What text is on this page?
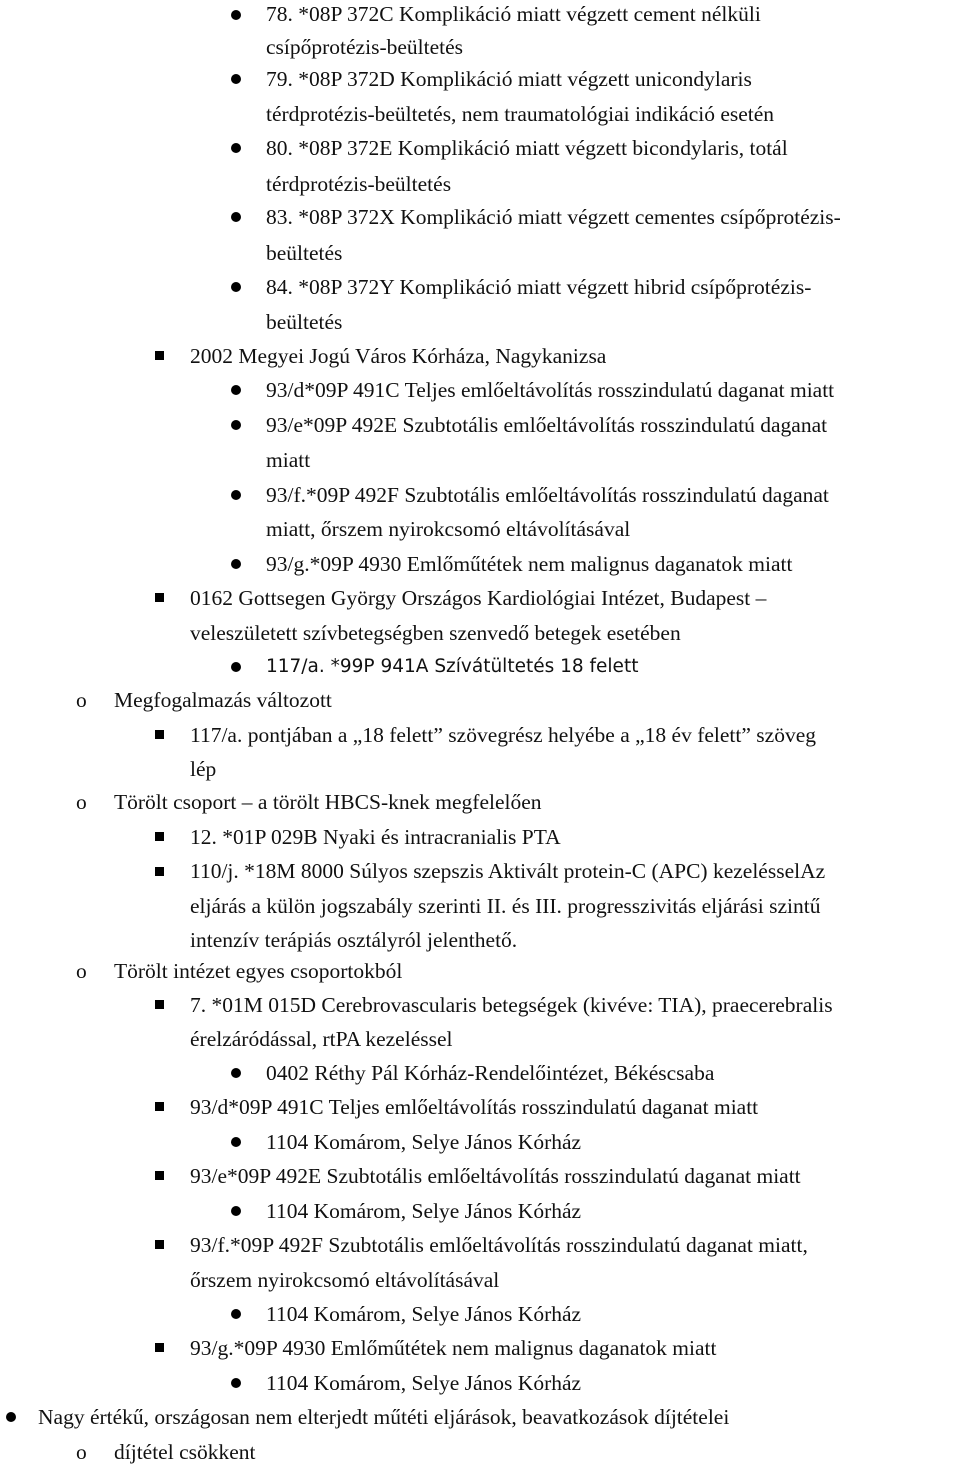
o
o
o
o
78. *08P 372C Komplikáció miatt végzett cement nélküli
csípőprotézis-beültetés
79. *08P 372D Komplikáció miatt végzett unicondylaris
térdprotézis-beültetés, nem traumatológiai indikáció esetén
80. *08P 372E Komplikáció miatt végzett bicondylaris, totál
térdprotézis-beültetés
83. *08P 372X Komplikáció miatt végzett cementes csípőprotézis-
beültetés
84. *08P 372Y Komplikáció miatt végzett hibrid csípőprotézis-
beültetés
2002 Megyei Jogú Város Kórháza, Nagykanizsa
93/d*09P 491C Teljes emlőeltávolítás rosszindulatú daganat miatt
93/e*09P 492E Szubtotális emlőeltávolítás rosszindulatú daganat
miatt
93/f.*09P 492F Szubtotális emlőeltávolítás rosszindulatú daganat
miatt, őrszem nyirokcsomó eltávolításával
93/g.*09P 4930 Emlőműtétek nem malignus daganatok miatt
0162 Gottsegen György Országos Kardiológiai Intézet, Budapest –
veleszületett szívbetegségben szenvedő betegek esetében
117/a. *99P 941A Szívátültetés 18 felett
Megfogalmazás változott
117/a. pontjában a „18 felett” szövegrész helyébe a „18 év felett” szöveg
lép
Törölt csoport – a törölt HBCS-knek megfelelően
12. *01P 029B Nyaki és intracranialis PTA
110/j. *18M 8000 Súlyos szepszis Aktivált protein-C (APC) kezelésselAz
eljárás a külön jogszabály szerinti II. és III. progresszivitás eljárási szintű
intenzív terápiás osztályról jelenthető.
Törölt intézet egyes csoportokból
7. *01M 015D Cerebrovascularis betegségek (kivéve: TIA), praecerebralis
érelzáródással, rtPA kezeléssel
0402 Réthy Pál Kórház-Rendelőintézet, Békéscsaba
93/d*09P 491C Teljes emlőeltávolítás rosszindulatú daganat miatt
1104 Komárom, Selye János Kórház
93/e*09P 492E Szubtotális emlőeltávolítás rosszindulatú daganat miatt
1104 Komárom, Selye János Kórház
93/f.*09P 492F Szubtotális emlőeltávolítás rosszindulatú daganat miatt,
őrszem nyirokcsomó eltávolításával
1104 Komárom, Selye János Kórház
93/g.*09P 4930 Emlőműtétek nem malignus daganatok miatt
1104 Komárom, Selye János Kórház
Nagy értékű, országosan nem elterjedt műtéti eljárások, beavatkozások díjtételei
díjtétel csökkent
